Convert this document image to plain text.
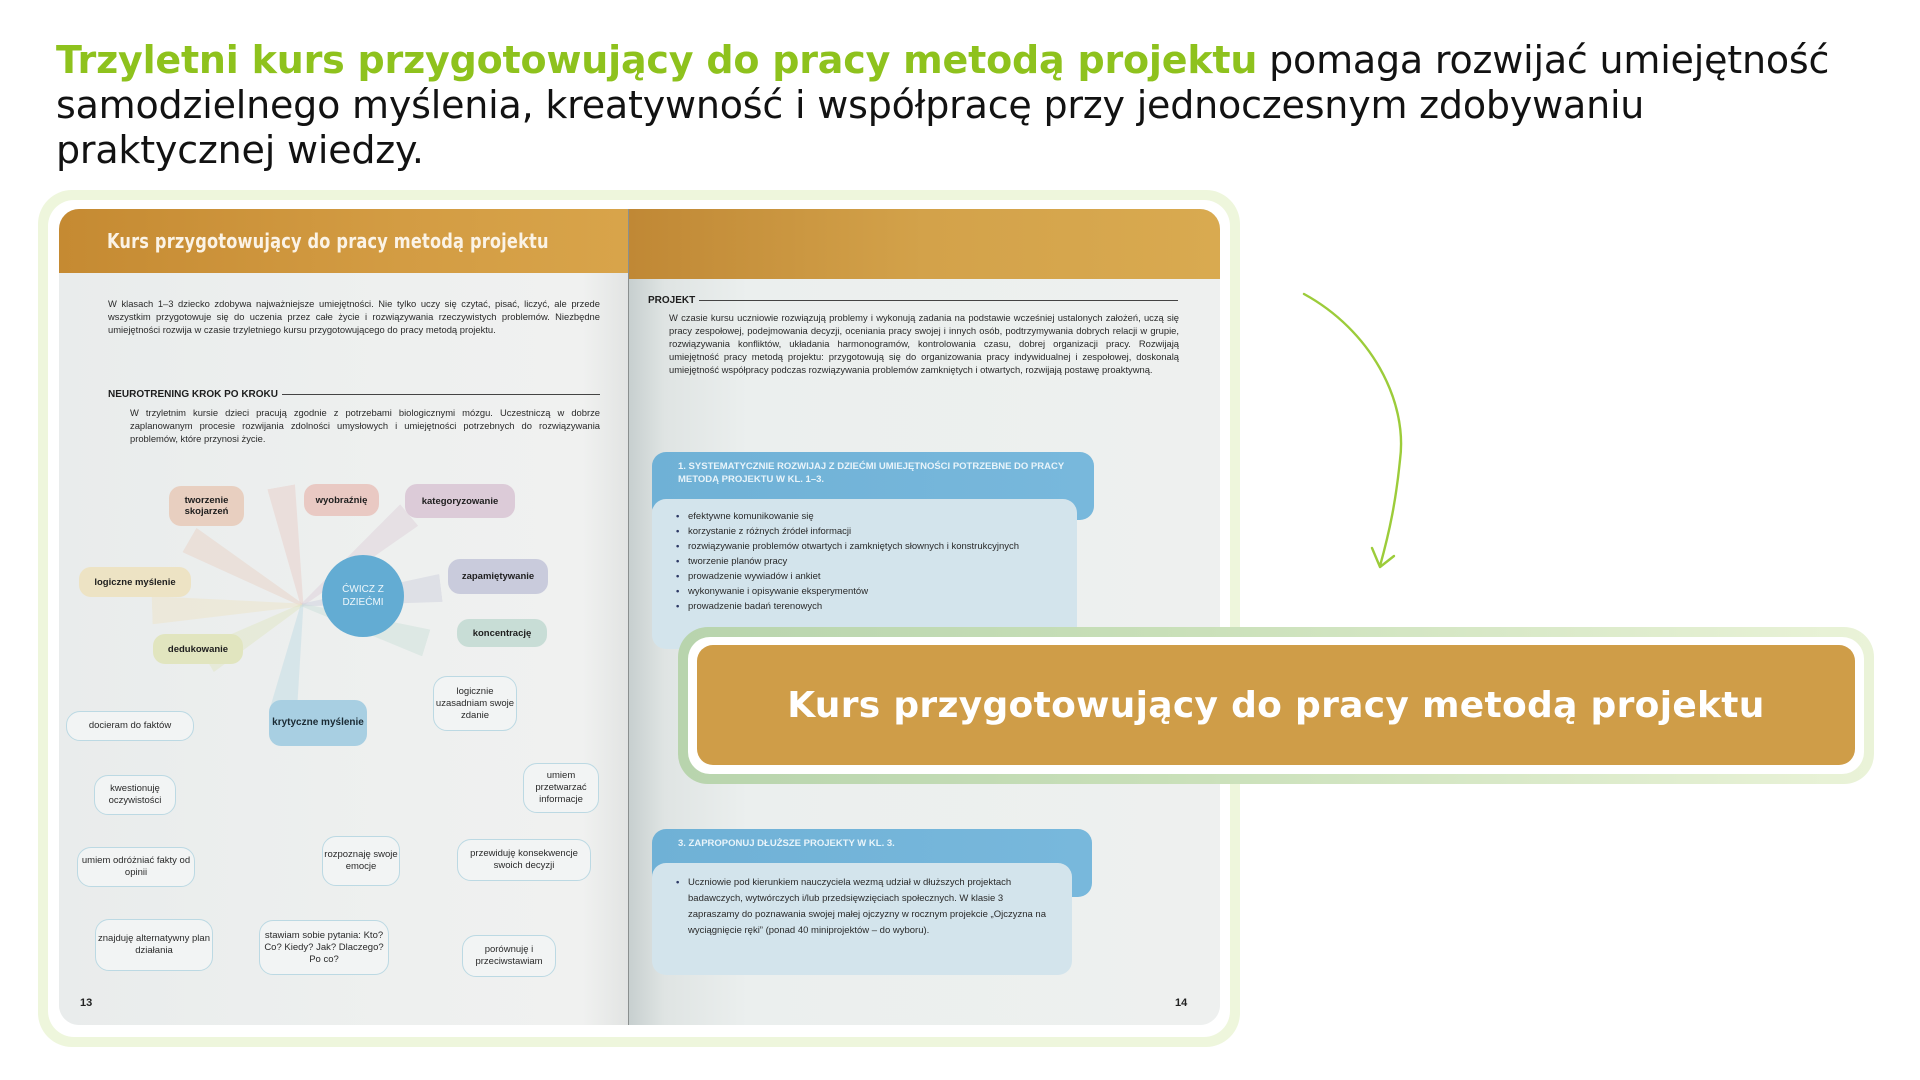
Trzyletni kurs przygotowujący do pracy metodą projektu pomaga rozwijać umiejętność samodzielnego myślenia, kreatywność i współpracę przy jednoczesnym zdobywaniu praktycznej wiedzy.
Kurs przygotowujący do pracy metodą projektu
W klasach 1–3 dziecko zdobywa najważniejsze umiejętności. Nie tylko uczy się czytać, pisać, liczyć, ale przede wszystkim przygotowuje się do uczenia przez całe życie i rozwiązywania rzeczywistych problemów. Niezbędne umiejętności rozwija w czasie trzyletniego kursu przygotowującego do pracy metodą projektu.
NEUROTRENING KROK PO KROKU
W trzyletnim kursie dzieci pracują zgodnie z potrzebami biologicznymi mózgu. Uczestniczą w dobrze zaplanowanym procesie rozwijania zdolności umysłowych i umiejętności potrzebnych do rozwiązywania problemów, które przynosi życie.
tworzenie skojarzeń
wyobraźnię	kategoryzowanie
zapamiętywanie
koncentrację
logiczne myślenie
dedukowanie
ĆWICZ Z DZIEĆMI
krytyczne myślenie
docieram do faktów
kwestionuję oczywistości
umiem odróżniać fakty od opinii
znajduję alternatywny plan działania
stawiam sobie pytania: Kto? Co? Kiedy? Jak? Dlaczego? Po co?
rozpoznaję swoje emocje
porównuję i przeciwstawiam
przewiduję konsekwencje swoich decyzji
umiem przetwarzać informacje
logicznie uzasadniam swoje zdanie
13
PROJEKT
W czasie kursu uczniowie rozwiązują problemy i wykonują zadania na podstawie wcześniej ustalonych założeń, uczą się pracy zespołowej, podejmowania decyzji, oceniania pracy swojej i innych osób, podtrzymywania dobrych relacji w grupie, rozwiązywania konfliktów, układania harmonogramów, kontrolowania czasu, dobrej organizacji pracy. Rozwijają umiejętność pracy metodą projektu: przygotowują się do organizowania pracy indywidualnej i zespołowej, doskonalą umiejętność współpracy podczas rozwiązywania problemów zamkniętych i otwartych, rozwijają postawę proaktywną.
1. SYSTEMATYCZNIE ROZWIJAJ Z DZIEĆMI UMIEJĘTNOŚCI POTRZEBNE DO PRACY METODĄ PROJEKTU W KL. 1–3.
• efektywne komunikowanie się
• korzystanie z różnych źródeł informacji
• rozwiązywanie problemów otwartych i zamkniętych słownych i konstrukcyjnych
• tworzenie planów pracy
• prowadzenie wywiadów i ankiet
• wykonywanie i opisywanie eksperymentów
• prowadzenie badań terenowych
3. ZAPROPONUJ DŁUŻSZE PROJEKTY W KL. 3.
• Uczniowie pod kierunkiem nauczyciela wezmą udział w dłuższych projektach badawczych, wytwórczych i/lub przedsięwzięciach społecznych. W klasie 3 zapraszamy do poznawania swojej małej ojczyzny w rocznym projekcie „Ojczyzna na wyciągnięcie ręki” (ponad 40 miniprojektów – do wyboru).
14
Kurs przygotowujący do pracy metodą projektu
